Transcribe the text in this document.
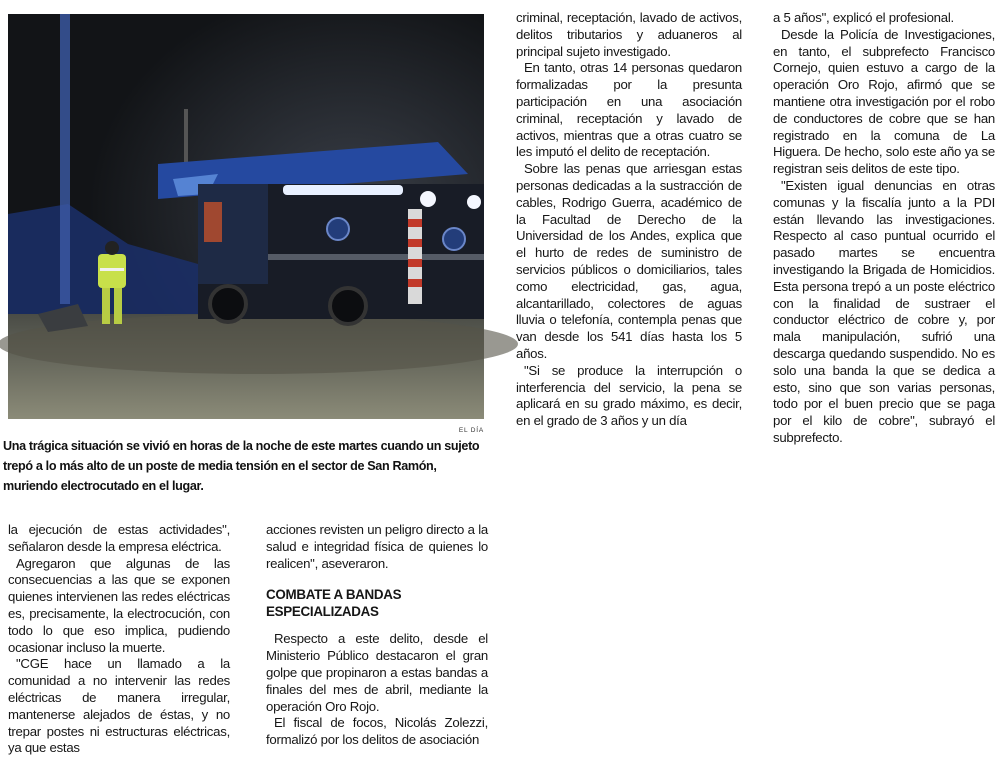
EL DÍA
Una trágica situación se vivió en horas de la noche de este martes cuando un sujeto trepó a lo más alto de un poste de media tensión en el sector de San Ramón, muriendo electrocutado en el lugar.

la ejecución de estas actividades", señalaron desde la empresa eléctrica.

Agregaron que algunas de las consecuencias a las que se exponen quienes intervienen las redes eléctricas es, precisamente, la electrocución, con todo lo que eso implica, pudiendo ocasionar incluso la muerte.

"CGE hace un llamado a la comunidad a no intervenir las redes eléctricas de manera irregular, mantenerse alejados de éstas, y no trepar postes ni estructuras eléctricas, ya que estas

acciones revisten un peligro directo a la salud e integridad física de quienes lo realicen", aseveraron.

COMBATE A BANDAS ESPECIALIZADAS

Respecto a este delito, desde el Ministerio Público destacaron el gran golpe que propinaron a estas bandas a finales del mes de abril, mediante la operación Oro Rojo.

El fiscal de focos, Nicolás Zolezzi, formalizó por los delitos de asociación

criminal, receptación, lavado de activos, delitos tributarios y aduaneros al principal sujeto investigado.

En tanto, otras 14 personas quedaron formalizadas por la presunta participación en una asociación criminal, receptación y lavado de activos, mientras que a otras cuatro se les imputó el delito de receptación.

Sobre las penas que arriesgan estas personas dedicadas a la sustracción de cables, Rodrigo Guerra, académico de la Facultad de Derecho de la Universidad de los Andes, explica que el hurto de redes de suministro de servicios públicos o domiciliarios, tales como electricidad, gas, agua, alcantarillado, colectores de aguas lluvia o telefonía, contempla penas que van desde los 541 días hasta los 5 años.

"Si se produce la interrupción o interferencia del servicio, la pena se aplicará en su grado máximo, es decir, en el grado de 3 años y un día

a 5 años", explicó el profesional.

Desde la Policía de Investigaciones, en tanto, el subprefecto Francisco Cornejo, quien estuvo a cargo de la operación Oro Rojo, afirmó que se mantiene otra investigación por el robo de conductores de cobre que se han registrado en la comuna de La Higuera. De hecho, solo este año ya se registran seis delitos de este tipo.

"Existen igual denuncias en otras comunas y la fiscalía junto a la PDI están llevando las investigaciones. Respecto al caso puntual ocurrido el pasado martes se encuentra investigando la Brigada de Homicidios. Esta persona trepó a un poste eléctrico con la finalidad de sustraer el conductor eléctrico de cobre y, por mala manipulación, sufrió una descarga quedando suspendido. No es solo una banda la que se dedica a esto, sino que son varias personas, todo por el buen precio que se paga por el kilo de cobre", subrayó el subprefecto.
